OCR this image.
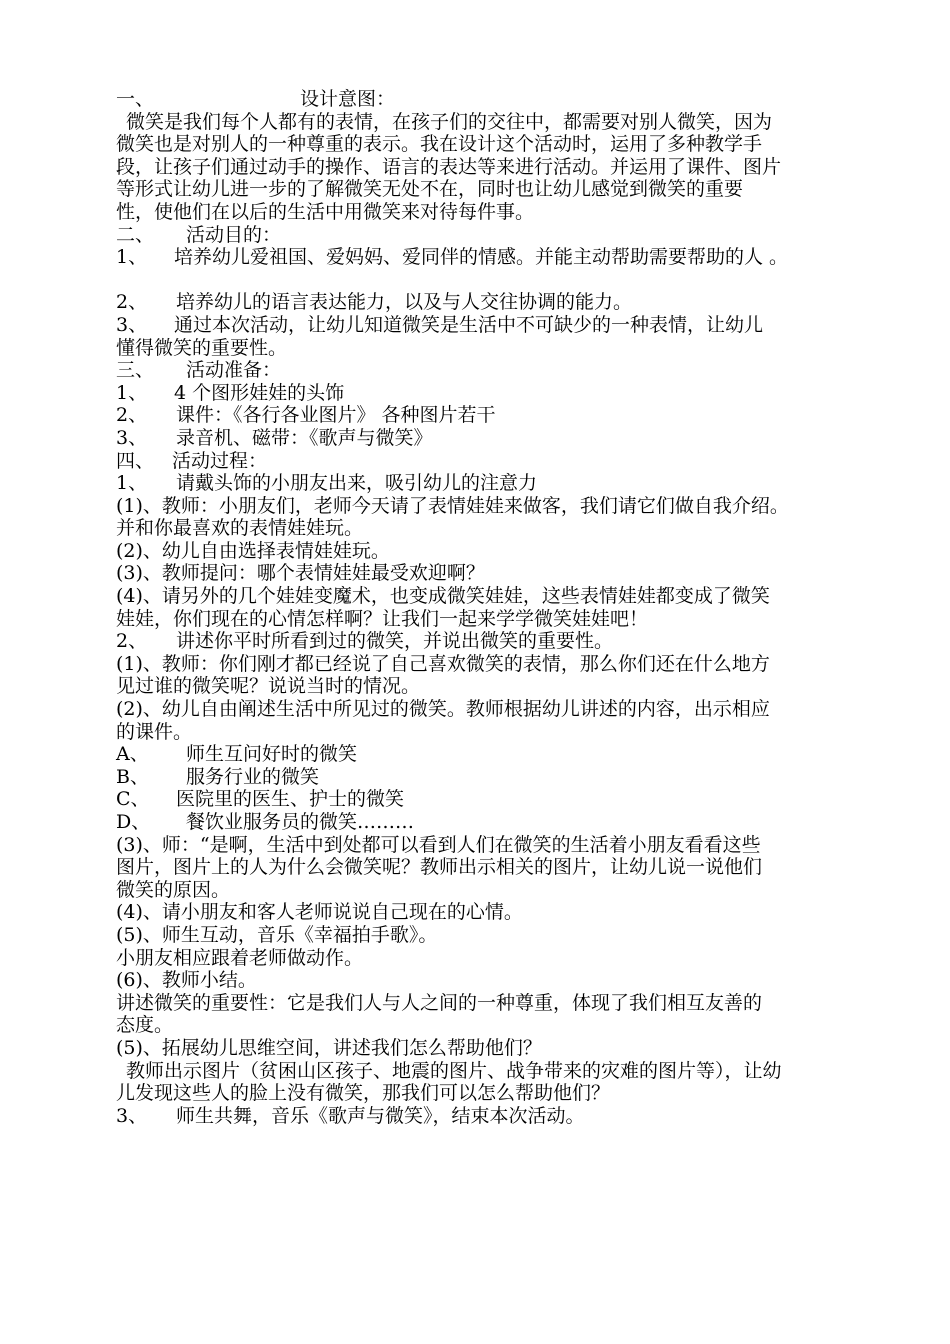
一、	设计意图：
微笑是我们每个人都有的表情，在孩子们的交往中，都需要对别人微笑，因为
微笑也是对别人的一种尊重的表示。我在设计这个活动时，运用了多种教学手
段，让孩子们通过动手的操作、语言的表达等来进行活动。并运用了课件、图片
等形式让幼儿进一步的了解微笑无处不在，同时也让幼儿感觉到微笑的重要
性，使他们在以后的生活中用微笑来对待每件事。
二、 活动目的：
1、 培养幼儿爱祖国、爱妈妈、爱同伴的情感。并能主动帮助需要帮助的人 。
2、 培养幼儿的语言表达能力，以及与人交往协调的能力。
3、 通过本次活动，让幼儿知道微笑是生活中不可缺少的一种表情，让幼儿
懂得微笑的重要性。
三、 活动准备：
1、 4 个图形娃娃的头饰
2、 课件：《各行各业图片》 各种图片若干
3、 录音机、磁带：《歌声与微笑》
四、 活动过程：
1、 请戴头饰的小朋友出来，吸引幼儿的注意力
(1)、教师：小朋友们，老师今天请了表情娃娃来做客，我们请它们做自我介绍。
并和你最喜欢的表情娃娃玩。
(2)、幼儿自由选择表情娃娃玩。
(3)、教师提问：哪个表情娃娃最受欢迎啊？
(4)、请另外的几个娃娃变魔术，也变成微笑娃娃，这些表情娃娃都变成了微笑
娃娃，你们现在的心情怎样啊？让我们一起来学学微笑娃娃吧！
2、 讲述你平时所看到过的微笑，并说出微笑的重要性。
(1)、教师：你们刚才都已经说了自己喜欢微笑的表情，那么你们还在什么地方
见过谁的微笑呢？说说当时的情况。
(2)、幼儿自由阐述生活中所见过的微笑。教师根据幼儿讲述的内容，出示相应
的课件。
A、 师生互问好时的微笑
B、 服务行业的微笑
C、 医院里的医生、护士的微笑
D、 餐饮业服务员的微笑………
(3)、师：“是啊，生活中到处都可以看到人们在微笑的生活着小朋友看看这些
图片，图片上的人为什么会微笑呢？教师出示相关的图片，让幼儿说一说他们
微笑的原因。
(4)、请小朋友和客人老师说说自己现在的心情。
(5)、师生互动，音乐《幸福拍手歌》。
小朋友相应跟着老师做动作。
(6)、教师小结。
讲述微笑的重要性：它是我们人与人之间的一种尊重，体现了我们相互友善的
态度。
(5)、拓展幼儿思维空间，讲述我们怎么帮助他们？
教师出示图片（贫困山区孩子、地震的图片、战争带来的灾难的图片等），让幼
儿发现这些人的脸上没有微笑，那我们可以怎么帮助他们？
3、 师生共舞，音乐《歌声与微笑》，结束本次活动。
